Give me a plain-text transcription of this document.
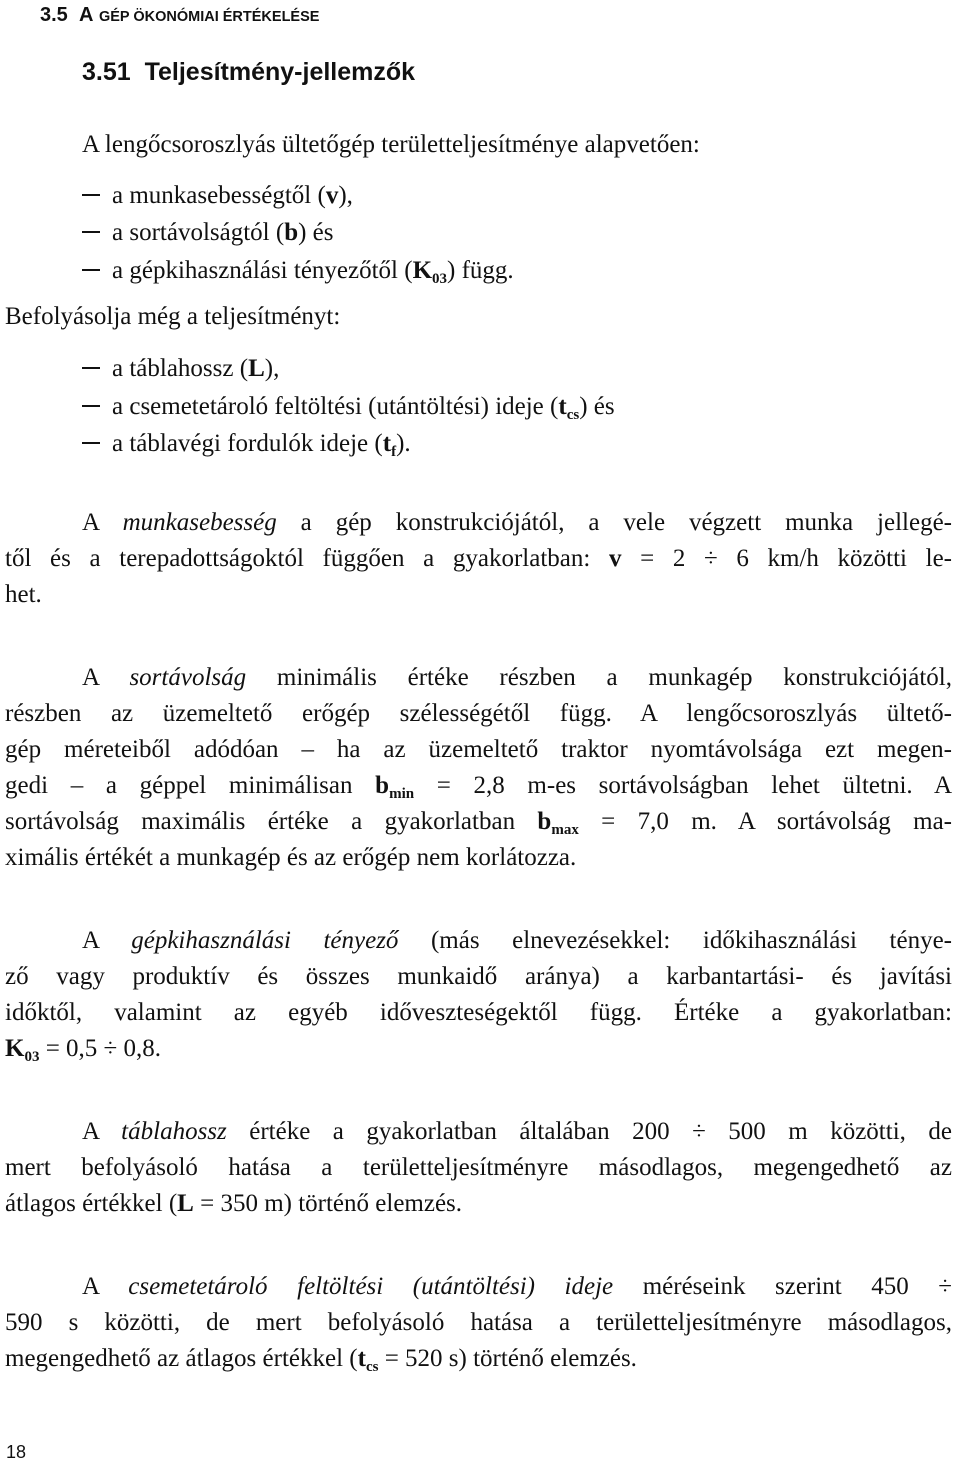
3.5 A GÉP ÖKONÓMIAI ÉRTÉKELÉSE
3.51 Teljesítmény-jellemzők
A lengőcsoroszlyás ültetőgép területteljesítménye alapvetően:
a munkasebességtől (v),
a sortávolságtól (b) és
a gépkihasználási tényezőtől $(K_{03})$ függ.
Befolyásolja még a teljesítményt:
a táblahossz (L),
a csemetetároló feltöltési (utántöltési) ideje $(t_{cs})$ és
a táblavégi fordulók ideje $(t_f)$.
A munkasebesség a gép konstrukciójától, a vele végzett munka jellegé-
től és a terepadottságoktól függően a gyakorlatban: v = 2 ÷ 6 km/h közötti le-
het.
A sortávolság minimális értéke részben a munkagép konstrukciójától,
részben az üzemeltető erőgép szélességétől függ. A lengőcsoroszlyás ültető-
gép méreteiből adódóan – ha az üzemeltető traktor nyomtávolsága ezt megen-
gedi – a géppel minimálisan $b_{min} = 2,8$ m-es sortávolságban lehet ültetni. A
sortávolság maximális értéke a gyakorlatban $b_{max} = 7,0$ m. A sortávolság ma-
ximális értékét a munkagép és az erőgép nem korlátozza.
A gépkihasználási tényező (más elnevezésekkel: időkihasználási ténye-
ző vagy produktív és összes munkaidő aránya) a karbantartási- és javítási
időktől, valamint az egyéb időveszteségektől függ. Értéke a gyakorlatban:
$K_{03} = 0,5 \div 0,8$.
A táblahossz értéke a gyakorlatban általában 200 ÷ 500 m közötti, de
mert befolyásoló hatása a területteljesítményre másodlagos, megengedhető az
átlagos értékkel (L = 350 m) történő elemzés.
A csemetetároló feltöltési (utántöltési) ideje méréseink szerint 450 ÷
590 s közötti, de mert befolyásoló hatása a területteljesítményre másodlagos,
megengedhető az átlagos értékkel ($t_{cs} = 520$ s) történő elemzés.
18
